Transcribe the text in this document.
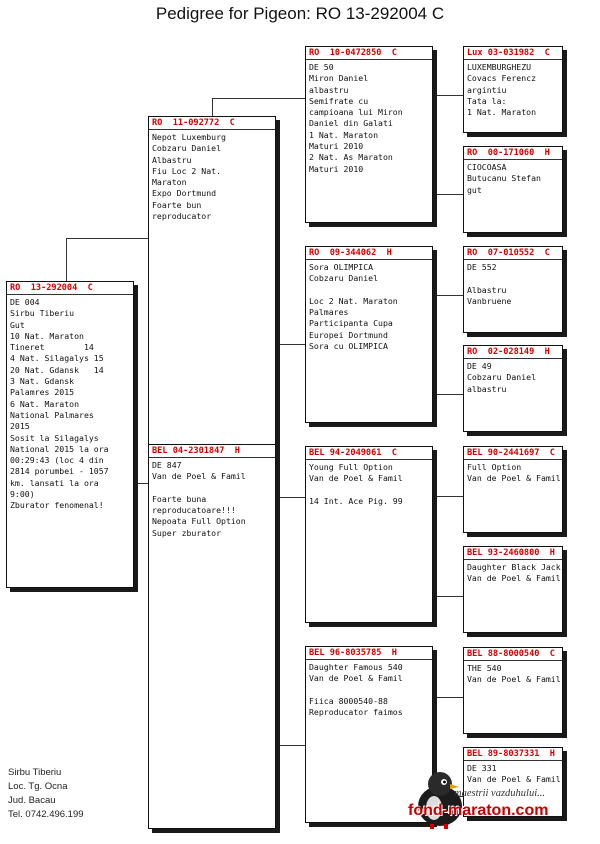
Pedigree for Pigeon: RO 13-292004 C
RO  13-292004  C
DE 004
Sirbu Tiberiu
Gut
10 Nat. Maraton
Tineret        14
4 Nat. Silagalys 15
20 Nat. Gdansk   14
3 Nat. Gdansk
Palamres 2015
6 Nat. Maraton
National Palmares
2015
Sosit la Silagalys
National 2015 la ora
00:29:43 (loc 4 din
2814 porumbei - 1057
km. lansati la ora
9:00)
Zburator fenomenal!
RO  11-092772  C
Nepot Luxemburg
Cobzaru Daniel
Albastru
Fiu Loc 2 Nat.
Maraton
Expo Dortmund
Foarte bun
reproducator
BEL 04-2301847  H
DE 847
Van de Poel & Famil
Foarte buna
reproducatoare!!!
Nepoata Full Option
Super zburator
RO  10-0472850  C
DE 50
Miron Daniel
albastru
Semifrate cu
campioana lui Miron
Daniel din Galati
1 Nat. Maraton
Maturi 2010
2 Nat. As Maraton
Maturi 2010
RO  09-344062  H
Sora OLIMPICA
Cobzaru Daniel
Loc 2 Nat. Maraton
Palmares
Participanta Cupa
Europei Dortmund
Sora cu OLIMPICA
BEL 94-2049061  C
Young Full Option
Van de Poel & Famil
14 Int. Ace Pig. 99
BEL 96-8035785  H
Daughter Famous 540
Van de Poel & Famil
Fiica 8000540-88
Reproducator faimos
Lux 03-031982  C
LUXEMBURGHEZU
Covacs Ferencz
argintiu
Tata la:
1 Nat. Maraton
RO  00-171060  H
CIOCOASA
Butucanu Stefan
gut
RO  07-010552  C
DE 552
Albastru
Vanbruene
RO  02-028149  H
DE 49
Cobzaru Daniel
albastru
BEL 90-2441697  C
Full Option
Van de Poel & Famil
BEL 93-2460800  H
Daughter Black Jack
Van de Poel & Famil
BEL 88-8000540  C
THE 540
Van de Poel & Famil
BEL 89-8037331  H
DE 331
Van de Poel & Famil
Sirbu Tiberiu
Loc. Tg. Ocna
Jud. Bacau
Tel. 0742.496.199
maestrii vazduhului...
fond-maraton.com
